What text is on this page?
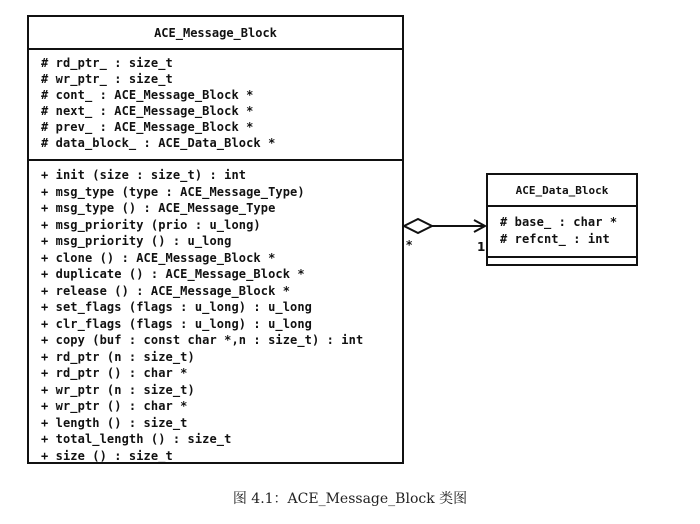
ACE_Message_Block
# rd_ptr_ : size_t
# wr_ptr_ : size_t
# cont_ : ACE_Message_Block *
# next_ : ACE_Message_Block *
# prev_ : ACE_Message_Block *
# data_block_ : ACE_Data_Block *
+ init (size : size_t) : int
+ msg_type (type : ACE_Message_Type)
+ msg_type () : ACE_Message_Type
+ msg_priority (prio : u_long)
+ msg_priority () : u_long
+ clone () : ACE_Message_Block *
+ duplicate () : ACE_Message_Block *
+ release () : ACE_Message_Block *
+ set_flags (flags : u_long) : u_long
+ clr_flags (flags : u_long) : u_long
+ copy (buf : const char *,n : size_t) : int
+ rd_ptr (n : size_t)
+ rd_ptr () : char *
+ wr_ptr (n : size_t)
+ wr_ptr () : char *
+ length () : size_t
+ total_length () : size_t
+ size () : size_t
ACE_Data_Block
# base_ : char *
# refcnt_ : int
*	1
图 4.1：ACE_Message_Block 类图
